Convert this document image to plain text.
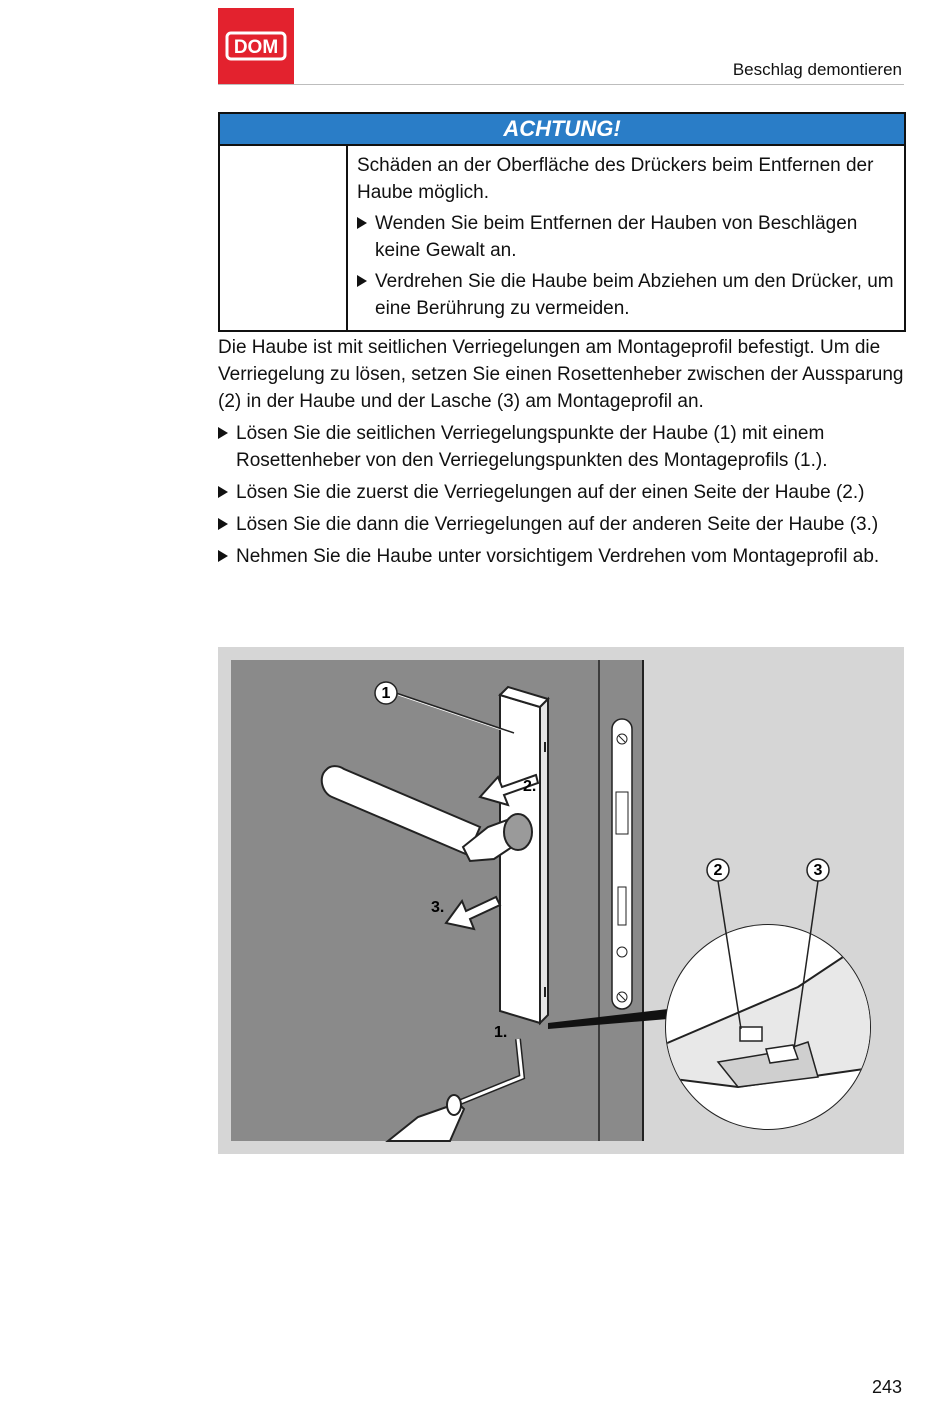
DOM
Beschlag demontieren
ACHTUNG!

Schäden an der Oberfläche des Drückers beim Entfernen der Haube möglich.

Wenden Sie beim Entfernen der Hauben von Beschlägen keine Gewalt an.
Verdrehen Sie die Haube beim Abziehen um den Drücker, um eine Berührung zu vermeiden.

Die Haube ist mit seitlichen Verriegelungen am Montageprofil befestigt. Um die Verriegelung zu lösen, setzen Sie einen Rosettenheber zwischen der Aussparung (2) in der Haube und der Lasche (3) am Montageprofil an.

Lösen Sie die seitlichen Verriegelungspunkte der Haube (1) mit einem Rosettenheber von den Verriegelungspunkten des Montageprofils (1.).
Lösen Sie die zuerst die Verriegelungen auf der einen Seite der Haube (2.)
Lösen Sie die dann die Verriegelungen auf der anderen Seite der Haube (3.)
Nehmen Sie die Haube unter vorsichtigem Verdrehen vom Montageprofil ab.
1
2	3
1.
2.
3.
243
